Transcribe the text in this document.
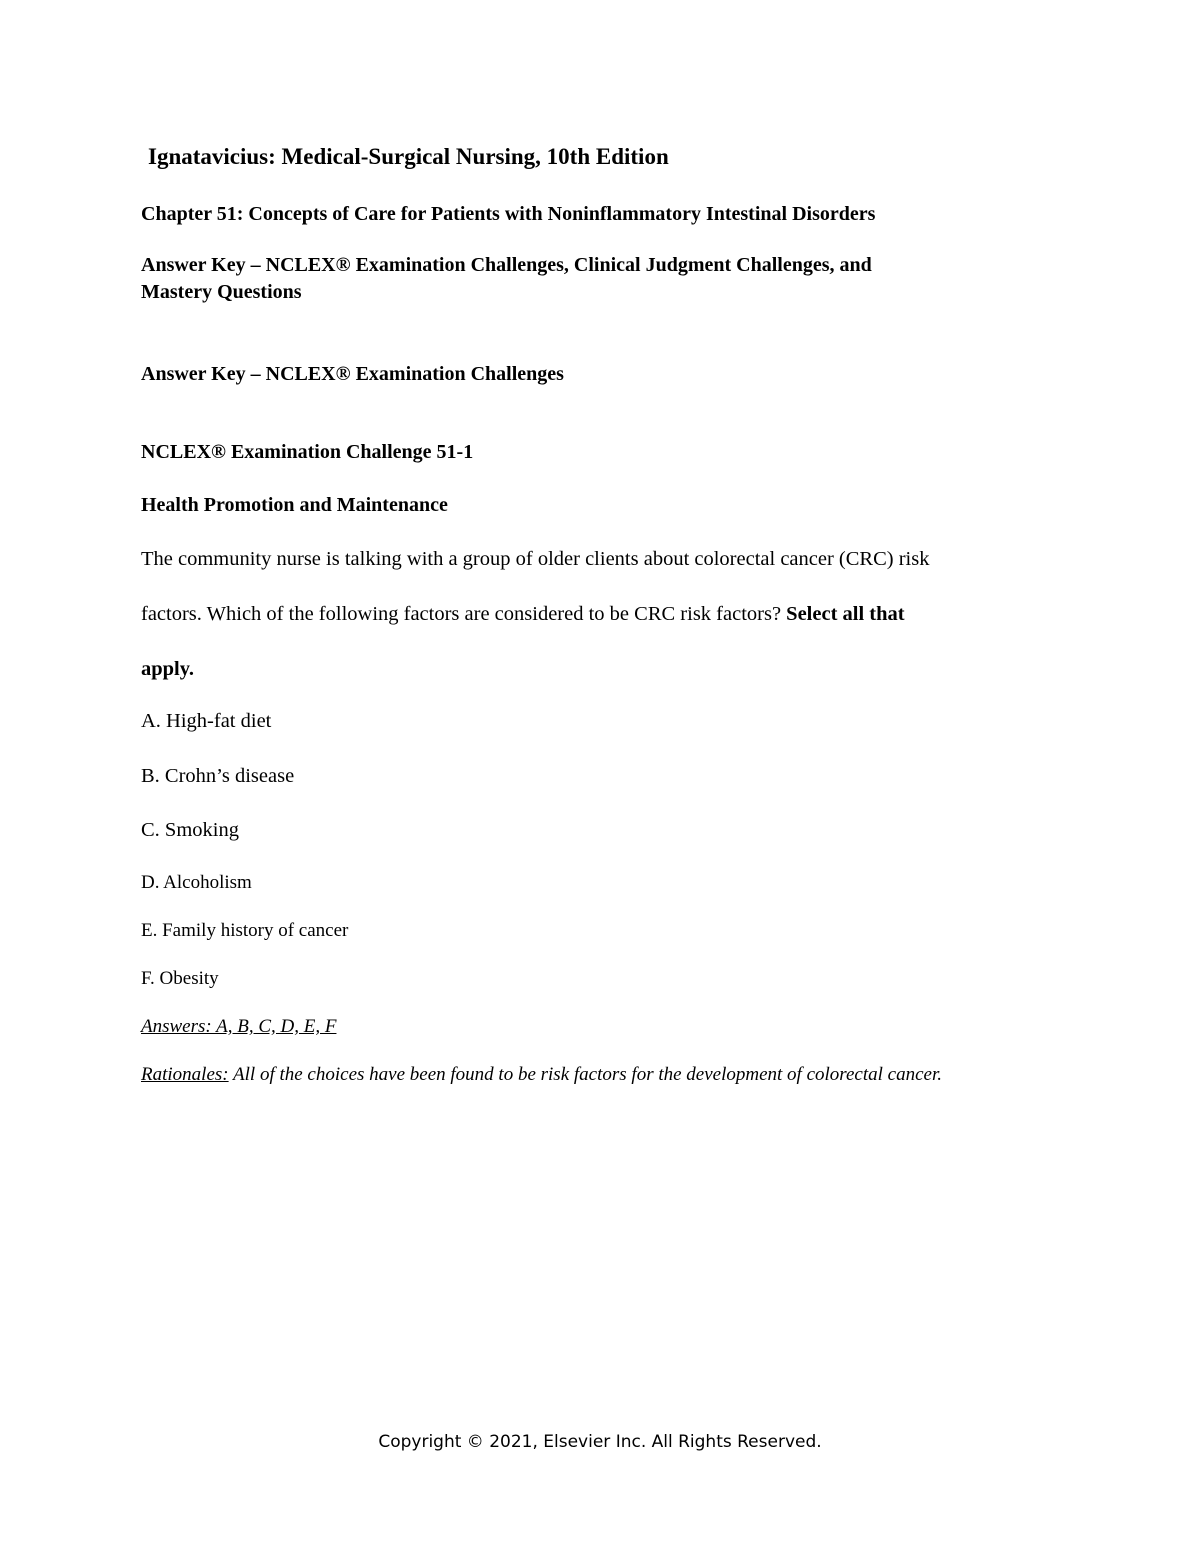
Ignatavicius: Medical-Surgical Nursing, 10th Edition
Chapter 51: Concepts of Care for Patients with Noninflammatory Intestinal Disorders
Answer Key – NCLEX® Examination Challenges, Clinical Judgment Challenges, and
Mastery Questions
Answer Key – NCLEX® Examination Challenges
NCLEX® Examination Challenge 51-1
Health Promotion and Maintenance
The community nurse is talking with a group of older clients about colorectal cancer (CRC) risk
factors. Which of the following factors are considered to be CRC risk factors? Select all that
apply.
A. High-fat diet
B. Crohn’s disease
C. Smoking
D. Alcoholism
E. Family history of cancer
F. Obesity
Answers: A, B, C, D, E, F
Rationales: All of the choices have been found to be risk factors for the development of colorectal cancer.
Copyright © 2021, Elsevier Inc. All Rights Reserved.
